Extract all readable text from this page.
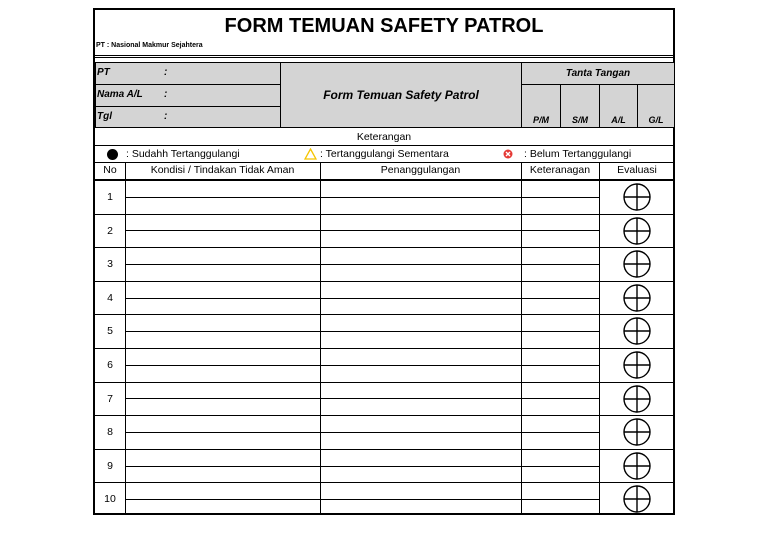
FORM TEMUAN SAFETY PATROL
PT : Nasional Makmur Sejahtera
PT	:
Nama A/L :
Tgl	:
Form Temuan Safety Patrol
Tanta Tangan
P/M	S/M	A/L	G/L
Keterangan
: Sudahh Tertanggulangi	: Tertanggulangi Sementara	: Belum Tertanggulangi
No	Kondisi / Tindakan Tidak Aman	Penanggulangan	Keteranagan	Evaluasi
1
2
3
4
5
6
7
8
9
10
